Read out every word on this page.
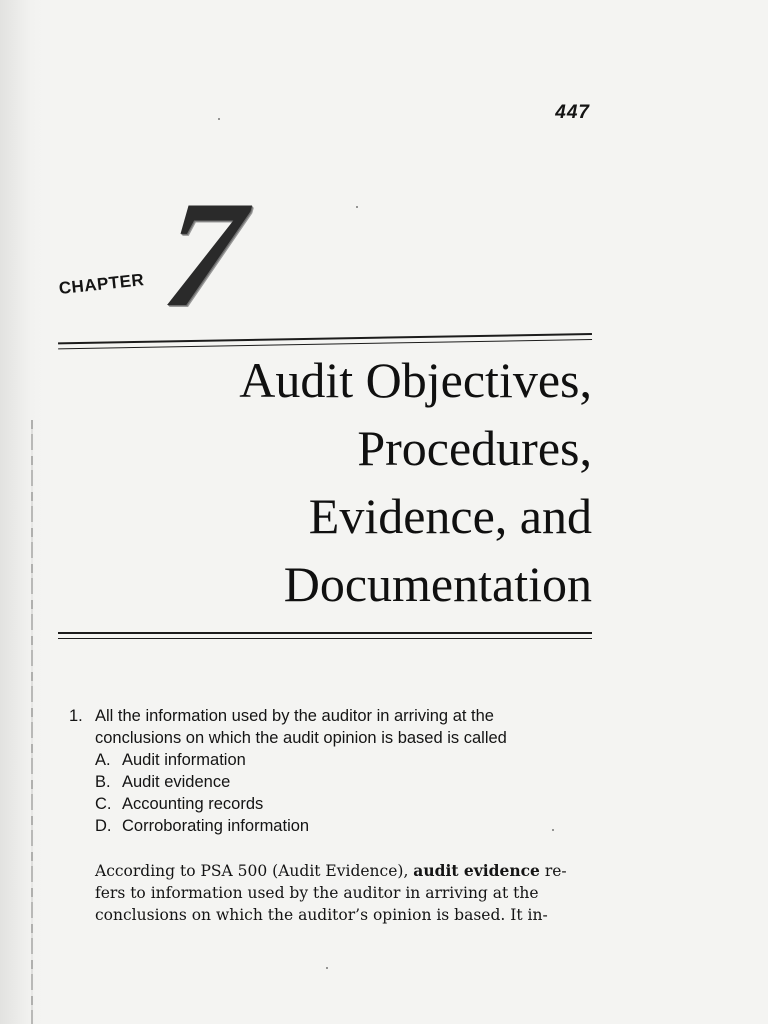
447
CHAPTER 7
Audit Objectives,
Procedures,
Evidence, and
Documentation
1. All the information used by the auditor in arriving at the
conclusions on which the audit opinion is based is called
A. Audit information
B. Audit evidence
C. Accounting records
D. Corroborating information
According to PSA 500 (Audit Evidence), audit evidence re-
fers to information used by the auditor in arriving at the
conclusions on which the auditor’s opinion is based. It in-
